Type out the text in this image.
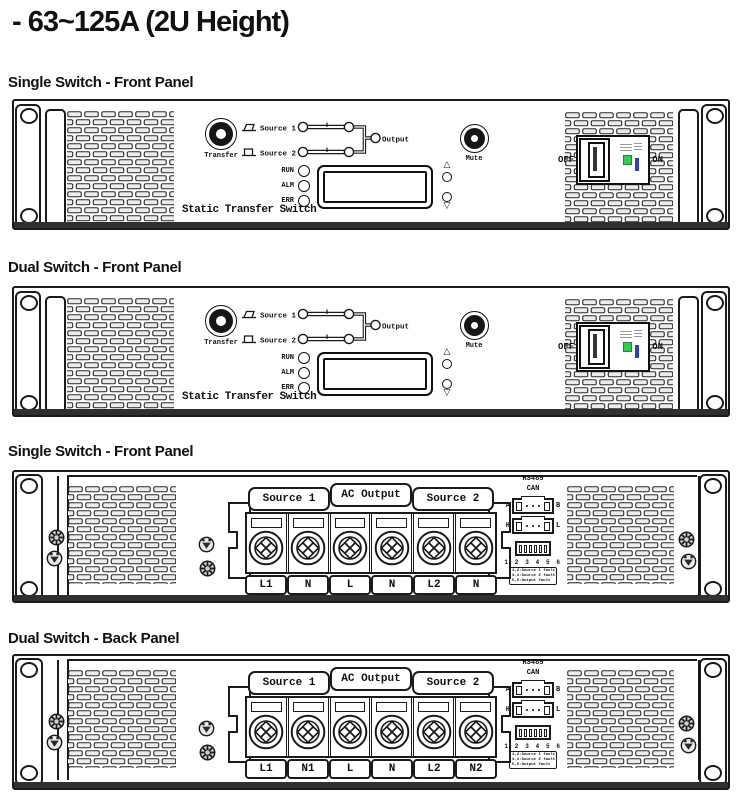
- 63~125A (2U Height)
Single Switch - Front Panel
Dual Switch - Front Panel
Single Switch - Front Panel
Dual Switch - Back Panel
Transfer
Source 1
Source 2
Output
RUN
ALM
ERR
Static Transfer Switch
△
▽
Mute	OFF	ON
Transfer
Source 1
Source 2
Output
RUN
ALM
ERR
Static Transfer Switch
△
▽
Mute	OFF	ON
Source 1	AC Output	Source 2
L1	N	L	N	L2	N
RS485
CAN
A	B
H	L
1 2 3 4 5 6
1,2:Source 1 fault
3,4:Source 2 fault
5,6:Output fault
Source 1	AC Output	Source 2
L1	N1	L	N	L2	N2
RS485
CAN
A	B
H	L
1 2 3 4 5 6
1,2:Source 1 fault
3,4:Source 2 fault
5,6:Output fault
